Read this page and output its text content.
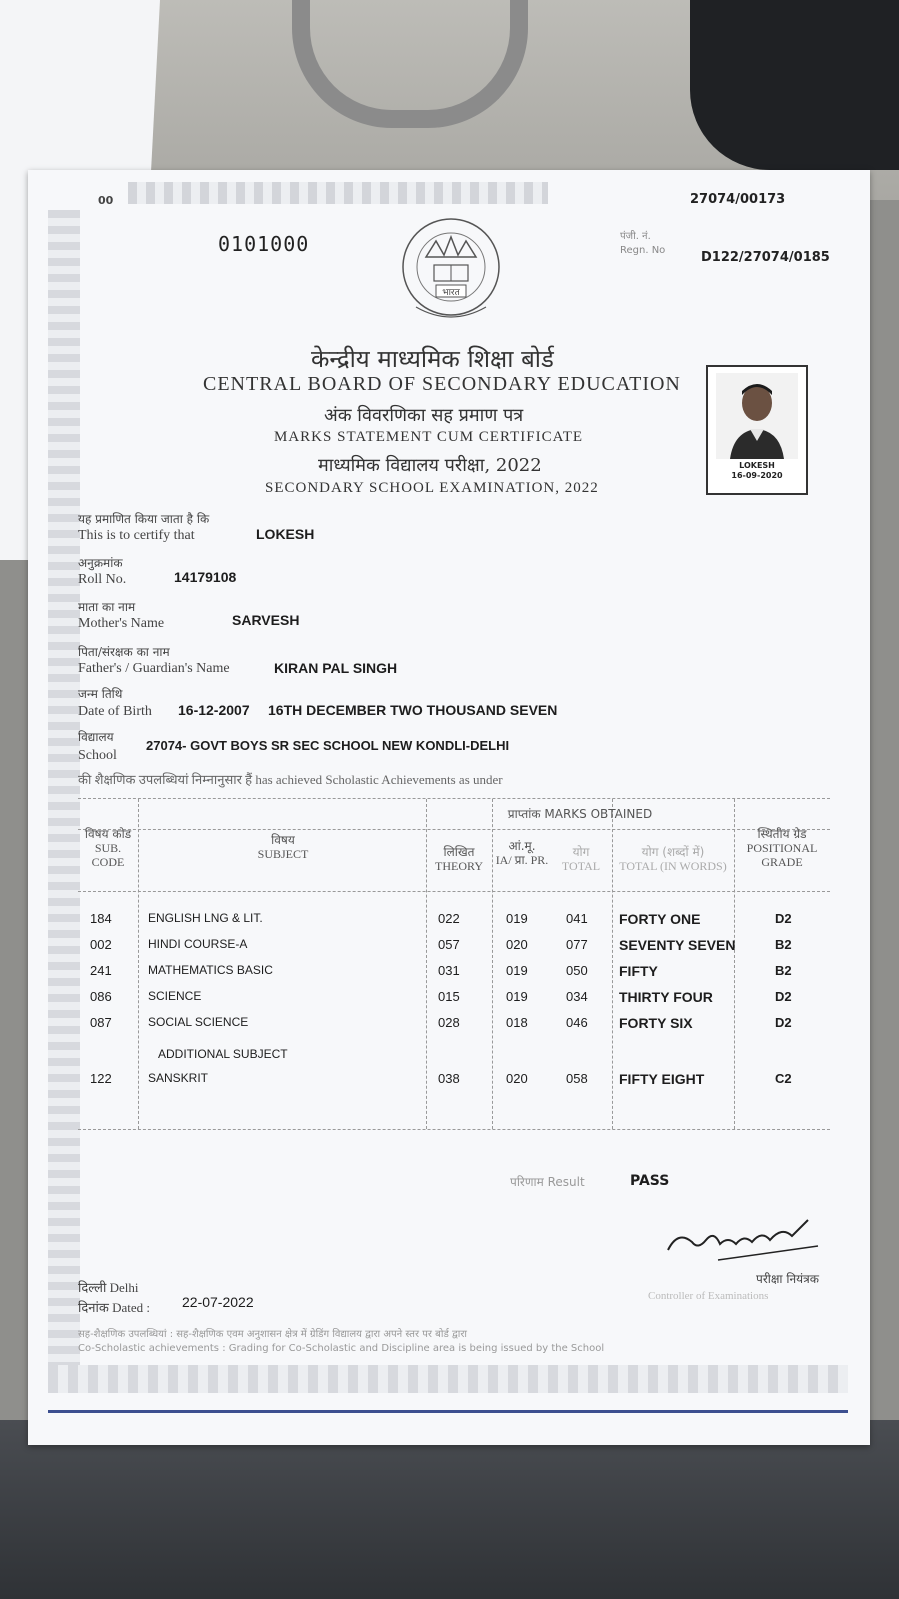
00	27074/00173
0101000	पंजी. नं.
Regn. No	D122/27074/0185
भारत
केन्द्रीय माध्यमिक शिक्षा बोर्ड
CENTRAL BOARD OF SECONDARY EDUCATION
अंक विवरणिका सह प्रमाण पत्र
MARKS STATEMENT CUM CERTIFICATE
माध्यमिक विद्यालय परीक्षा, 2022
SECONDARY SCHOOL EXAMINATION, 2022
LOKESH
16-09-2020
यह प्रमाणित किया जाता है कि
This is to certify that	LOKESH
अनुक्रमांक
Roll No.	14179108
माता का नाम
Mother's Name	SARVESH
पिता/संरक्षक का नाम
Father's / Guardian's Name	KIRAN PAL SINGH
जन्म तिथि
Date of Birth 16-12-2007 16TH DECEMBER TWO THOUSAND SEVEN
विद्यालय
School
27074- GOVT BOYS SR SEC SCHOOL NEW KONDLI-DELHI
की शैक्षणिक उपलब्धियां निम्नानुसार हैं has achieved Scholastic Achievements as under
प्राप्तांक MARKS OBTAINED
विषय कोड
SUB. CODE
विषय
SUBJECT	लिखित
THEORY
आं.मू.
IA/ प्रा. PR.
योग
TOTAL
योग (शब्दों में)
TOTAL (IN WORDS)
स्थितीय ग्रेड
POSITIONAL GRADE
184	ENGLISH LNG & LIT.	022	019	041 FORTY ONE	D2
002	HINDI COURSE-A	057	020	077 SEVENTY SEVEN	B2
241	MATHEMATICS BASIC	031	019	050 FIFTY	B2
086	SCIENCE	015	019	034 THIRTY FOUR	D2
087	SOCIAL SCIENCE	028	018	046 FORTY SIX	D2
ADDITIONAL SUBJECT
122	SANSKRIT	038	020	058 FIFTY EIGHT	C2
परिणाम Result	PASS
परीक्षा नियंत्रक
Controller of Examinations
दिल्ली Delhi
दिनांक Dated : 22-07-2022
सह-शैक्षणिक उपलब्धियां : सह-शैक्षणिक एवम अनुशासन क्षेत्र में ग्रेडिंग विद्यालय द्वारा अपने स्तर पर बोर्ड द्वारा
Co-Scholastic achievements : Grading for Co-Scholastic and Discipline area is being issued by the School
